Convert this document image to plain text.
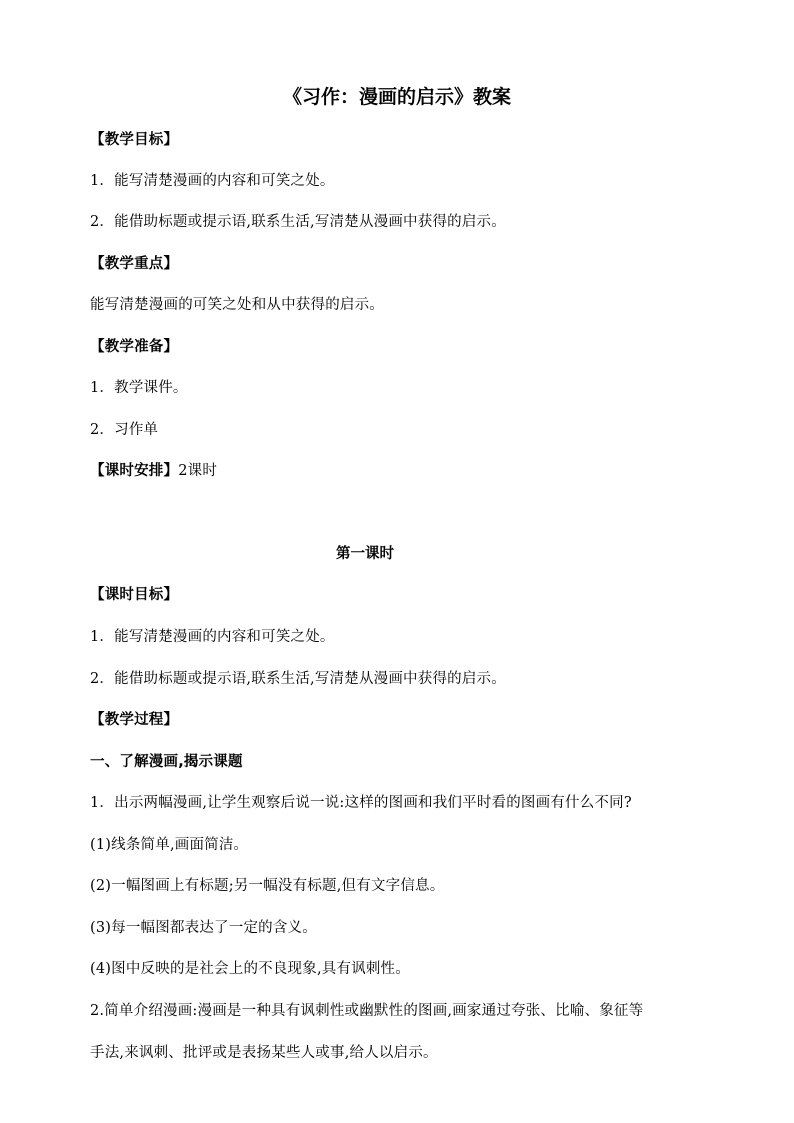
《习作：漫画的启示》教案
【教学目标】
1．能写清楚漫画的内容和可笑之处。
2．能借助标题或提示语,联系生活,写清楚从漫画中获得的启示。
【教学重点】
能写清楚漫画的可笑之处和从中获得的启示。
【教学准备】
1．教学课件。
2．习作单
【课时安排】2课时
第一课时
【课时目标】
1．能写清楚漫画的内容和可笑之处。
2．能借助标题或提示语,联系生活,写清楚从漫画中获得的启示。
【教学过程】
一、了解漫画,揭示课题
1．出示两幅漫画,让学生观察后说一说:这样的图画和我们平时看的图画有什么不同?
(1)线条简单,画面简洁。
(2)一幅图画上有标题;另一幅没有标题,但有文字信息。
(3)每一幅图都表达了一定的含义。
(4)图中反映的是社会上的不良现象,具有讽刺性。
2.简单介绍漫画:漫画是一种具有讽刺性或幽默性的图画,画家通过夸张、比喻、象征等
手法,来讽刺、批评或是表扬某些人或事,给人以启示。
